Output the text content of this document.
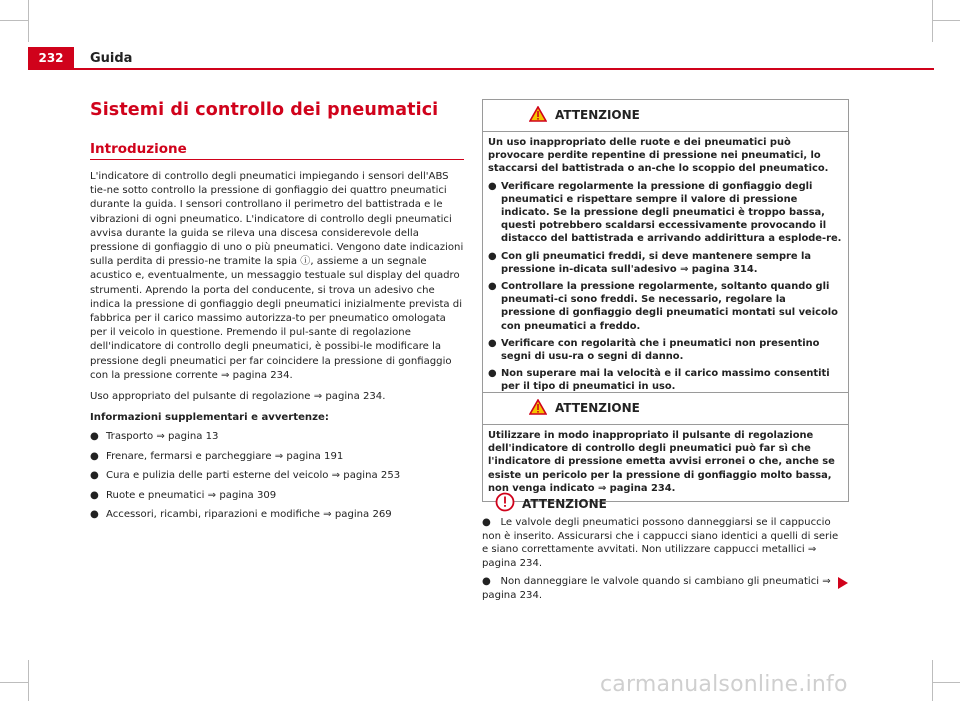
232	Guida
Sistemi di controllo dei pneumatici
Introduzione

L'indicatore di controllo degli pneumatici impiegando i sensori dell'ABS tie-ne sotto controllo la pressione di gonfiaggio dei quattro pneumatici durante la guida. I sensori controllano il perimetro del battistrada e le vibrazioni di ogni pneumatico. L'indicatore di controllo degli pneumatici avvisa durante la guida se rileva una discesa considerevole della pressione di gonfiaggio di uno o più pneumatici. Vengono date indicazioni sulla perdita di pressio-ne tramite la spia ⓘ, assieme a un segnale acustico e, eventualmente, un messaggio testuale sul display del quadro strumenti. Aprendo la porta del conducente, si trova un adesivo che indica la pressione di gonfiaggio degli pneumatici inizialmente prevista di fabbrica per il carico massimo autorizza-to per pneumatico omologata per il veicolo in questione. Premendo il pul-sante di regolazione dell'indicatore di controllo degli pneumatici, è possibi-le modificare la pressione degli pneumatici per far coincidere la pressione di gonfiaggio con la pressione corrente ⇒ pagina 234.

Uso appropriato del pulsante di regolazione ⇒ pagina 234.

Informazioni supplementari e avvertenze:

● Trasporto ⇒ pagina 13
● Frenare, fermarsi e parcheggiare ⇒ pagina 191
● Cura e pulizia delle parti esterne del veicolo ⇒ pagina 253
● Ruote e pneumatici ⇒ pagina 309
● Accessori, ricambi, riparazioni e modifiche ⇒ pagina 269
ATTENZIONE

Un uso inappropriato delle ruote e dei pneumatici può provocare perdite repentine di pressione nei pneumatici, lo staccarsi del battistrada o an-che lo scoppio del pneumatico.

● Verificare regolarmente la pressione di gonfiaggio degli pneumatici e rispettare sempre il valore di pressione indicato. Se la pressione degli pneumatici è troppo bassa, questi potrebbero scaldarsi eccessivamente provocando il distacco del battistrada e arrivando addirittura a esplode-re.

● Con gli pneumatici freddi, si deve mantenere sempre la pressione in-dicata sull'adesivo ⇒ pagina 314.

● Controllare la pressione regolarmente, soltanto quando gli pneumati-ci sono freddi. Se necessario, regolare la pressione di gonfiaggio degli pneumatici montati sul veicolo con pneumatici a freddo.

● Verificare con regolarità che i pneumatici non presentino segni di usu-ra o segni di danno.

● Non superare mai la velocità e il carico massimo consentiti per il tipo di pneumatici in uso.

ATTENZIONE

Utilizzare in modo inappropriato il pulsante di regolazione dell'indicatore di controllo degli pneumatici può far sì che l'indicatore di pressione emetta avvisi erronei o che, anche se esiste un pericolo per la pressione di gonfiaggio molto bassa, non venga indicato ⇒ pagina 234.

ATTENZIONE

● Le valvole degli pneumatici possono danneggiarsi se il cappuccio non è inserito. Assicurarsi che i cappucci siano identici a quelli di serie e siano correttamente avvitati. Non utilizzare cappucci metallici ⇒ pagina 234.

● Non danneggiare le valvole quando si cambiano gli pneumatici ⇒ pagina 234.

carmanualsonline.info
